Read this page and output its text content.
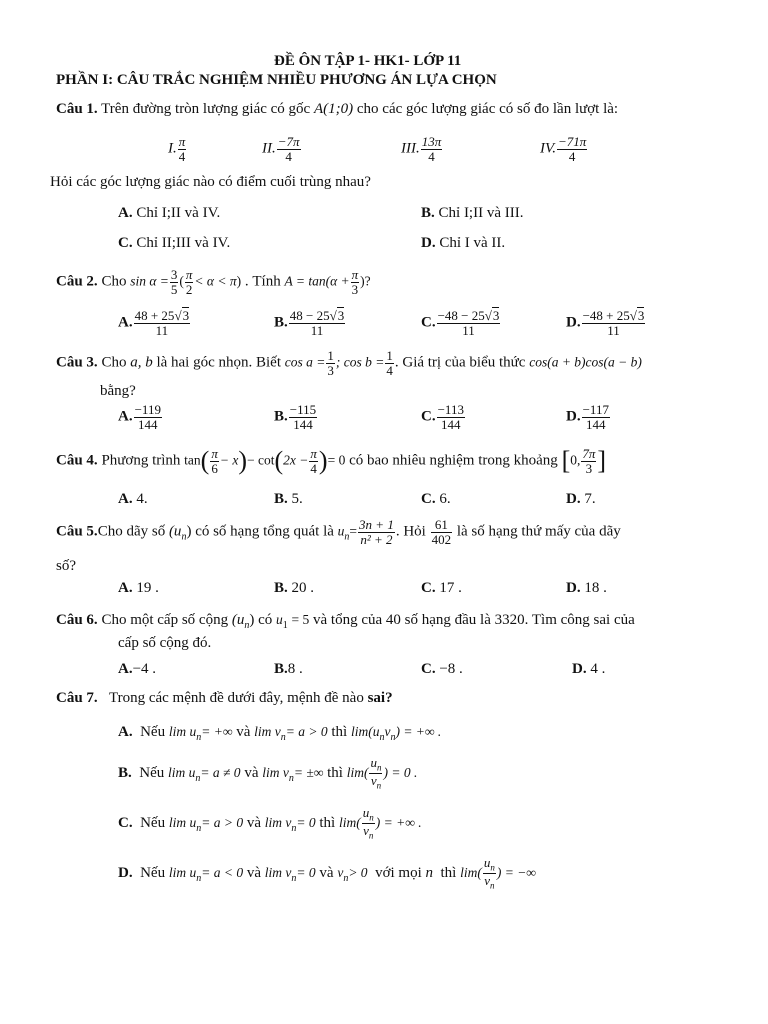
ĐỀ ÔN TẬP 1- HK1- LỚP 11
PHẦN I: CÂU TRẮC NGHIỆM NHIỀU PHƯƠNG ÁN LỰA CHỌN
Câu 1. Trên đường tròn lượng giác có gốc A(1;0) cho các góc lượng giác có số đo lần lượt là:
I. $\frac{\pi}{4}$	II. $\frac{-7\pi}{4}$	III. $\frac{13\pi}{4}$	IV. $\frac{-71\pi}{4}$
Hỏi các góc lượng giác nào có điểm cuối trùng nhau?
A. Chỉ I;II và IV.	B. Chỉ I;II và III.
C. Chỉ II;III và IV.	D. Chỉ I và II.
Câu 2. Cho $\sin \alpha = \frac{3}{5}$ ( $\frac{\pi}{2} < \alpha < \pi$) . Tính $A = \tan(\alpha + \frac{\pi}{3}$ )?
A. $\frac{48 + 25√3}{11}$	B. $\frac{48 - 25√3}{11}$	C. $\frac{-48 - 25√3}{11}$	D. $\frac{-48 + 25√3}{11}$
Câu 3. Cho a, b là hai góc nhọn. Biết $\cos a = \frac{1}{3}$ ; $\cos b = \frac{1}{4}$ . Giá trị của biểu thức cos(a + b)cos(a − b)
bằng?
A. $\frac{-119}{144}$	B. $\frac{-115}{144}$	C. $\frac{-113}{144}$	D. $\frac{-117}{144}$
Câu 4. Phương trình $\tan( \frac{\pi}{6} - x)- \cot(2x - \frac{\pi}{4}$ )= 0 có bao nhiêu nghiệm trong khoảng [0, $\frac{7\pi}{3}$ ]
A. 4.	B. 5.	C. 6.	D. 7.
Câu 5.Cho dãy số $(u_n)$ có số hạng tổng quát là $u_n= \frac{3n + 1}{\text{n² + 2}}$ . Hỏi $\frac{61}{402}$ là số hạng thứ mấy của dãy
số?
A. 19 .	B. 20 .	C. 17 .	D. 18 .
Câu 6. Cho một cấp số cộng $(u_n)$ có $u_1 = 5$ và tổng của 40 số hạng đầu là 3320. Tìm công sai của
cấp số cộng đó.
A.−4 .	B.8 .	C. −8 .	D. 4 .
Câu 7. Trong các mệnh đề dưới đây, mệnh đề nào sai?
A. Nếu $\lim u_n=$ +∞ và $\lim v_n= a > 0$ thì $\lim(u_nv_n)$ = +∞ .
B. Nếu $\lim u_n= a \ne 0$ và $\lim v_n=$ ±∞ thì $\lim( \frac{u_n}{v_n}$ ) = 0 .
C. Nếu $\lim u_n= a > 0$ và $\lim v_n= 0$ thì $\lim( \frac{u_n}{v_n}$ ) = +∞ .
D. Nếu $\lim u_n= a < 0$ và $\lim v_n= 0$ và $v_n> 0$ với mọi n thì $\lim( \frac{u_n}{v_n}$ ) = −∞
